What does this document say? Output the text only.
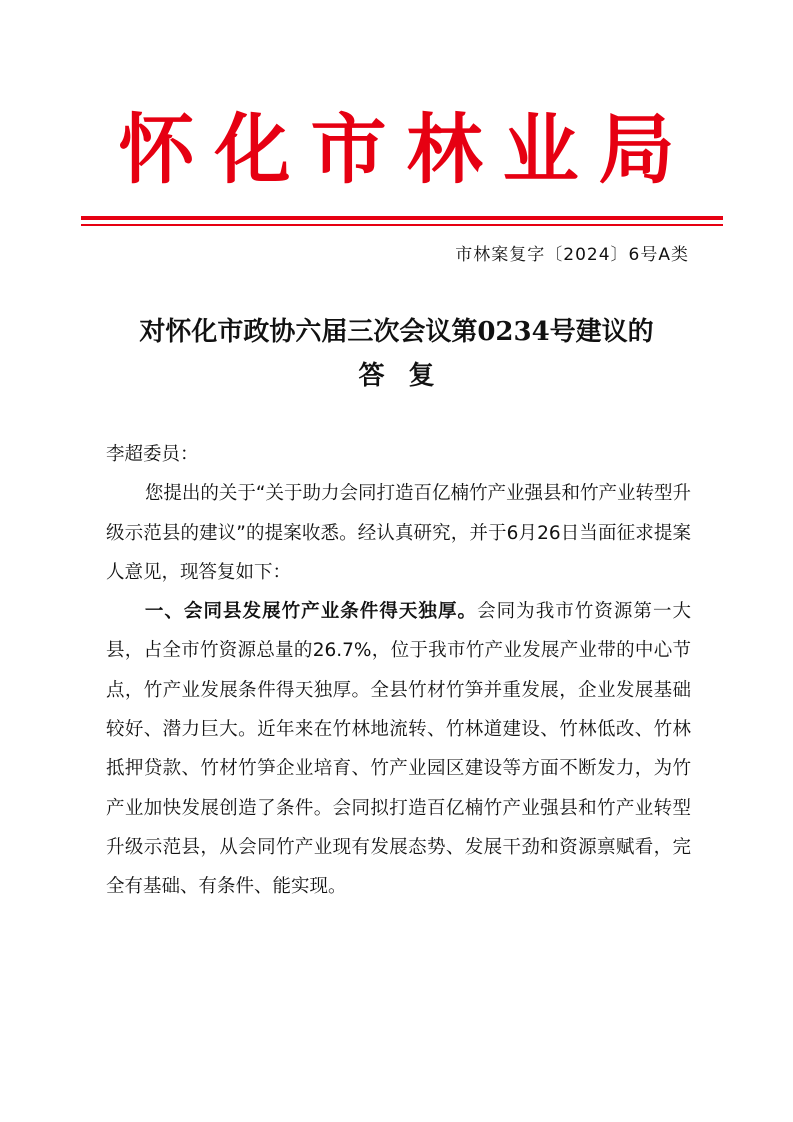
怀化市林业局
市林案复字〔2024〕6号A类
对怀化市政协六届三次会议第0234号建议的
答复

李超委员：

您提出的关于“关于助力会同打造百亿楠竹产业强县和竹产业转型升级示范县的建议”的提案收悉。经认真研究，并于6月26日当面征求提案人意见，现答复如下：

一、会同县发展竹产业条件得天独厚。会同为我市竹资源第一大县，占全市竹资源总量的26.7%，位于我市竹产业发展产业带的中心节点，竹产业发展条件得天独厚。全县竹材竹笋并重发展，企业发展基础较好、潜力巨大。近年来在竹林地流转、竹林道建设、竹林低改、竹林抵押贷款、竹材竹笋企业培育、竹产业园区建设等方面不断发力，为竹产业加快发展创造了条件。会同拟打造百亿楠竹产业强县和竹产业转型升级示范县，从会同竹产业现有发展态势、发展干劲和资源禀赋看，完全有基础、有条件、能实现。
